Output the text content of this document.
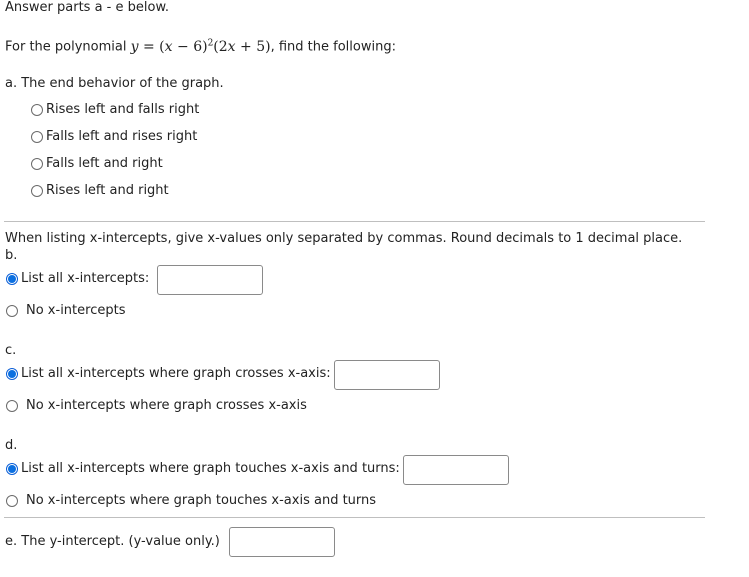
Answer parts a - e below.
For the polynomial $y = (x - 6)^2(2x + 5)$, find the following:
a. The end behavior of the graph.
Rises left and falls right
Falls left and rises right
Falls left and right
Rises left and right
When listing x-intercepts, give x-values only separated by commas. Round decimals to 1 decimal place.
b.
List all x-intercepts:
No x-intercepts
c.
List all x-intercepts where graph crosses x-axis:
No x-intercepts where graph crosses x-axis
d.
List all x-intercepts where graph touches x-axis and turns:
No x-intercepts where graph touches x-axis and turns
e. The y-intercept. (y-value only.)
